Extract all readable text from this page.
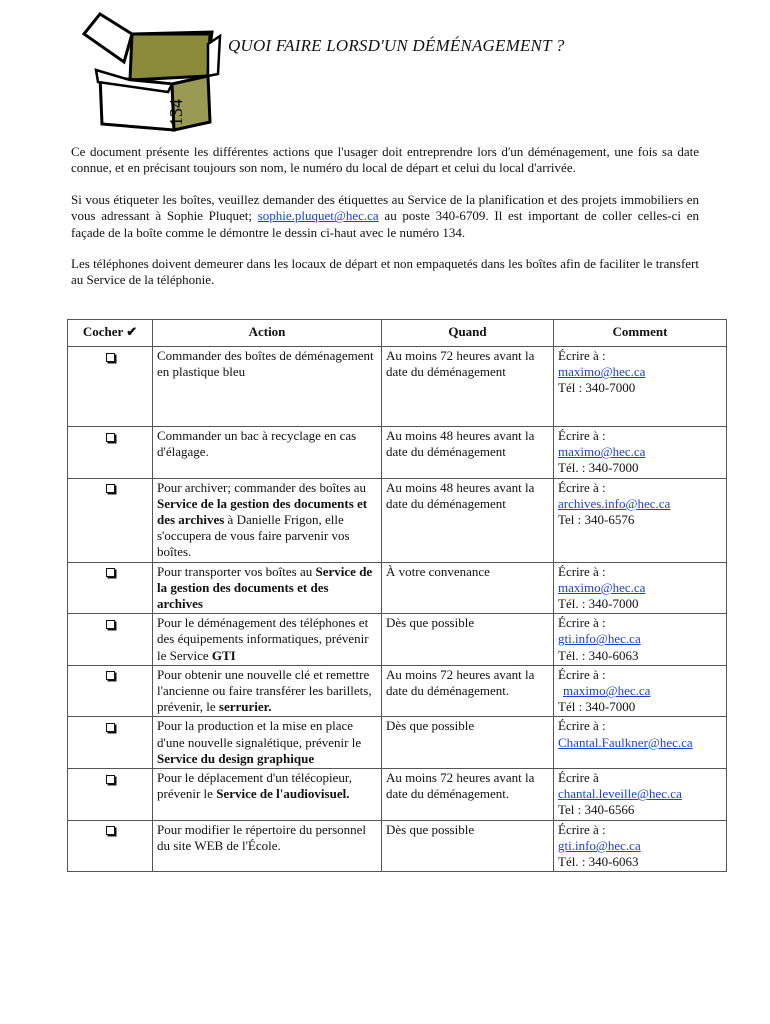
134
QUOI FAIRE LORSD'UN DÉMÉNAGEMENT ?

Ce document présente les différentes actions que l'usager doit entreprendre lors d'un déménagement, une fois sa date connue, et en précisant toujours son nom, le numéro du local de départ et celui du local d'arrivée.

Si vous étiqueter les boîtes, veuillez demander des étiquettes au Service de la planification et des projets immobiliers en vous adressant à Sophie Pluquet; sophie.pluquet@hec.ca au poste 340-6709. Il est important de coller celles-ci en façade de la boîte comme le démontre le dessin ci-haut avec le numéro 134.

Les téléphones doivent demeurer dans les locaux de départ et non empaquetés dans les boîtes afin de faciliter le transfert au Service de la téléphonie.

Cocher ✔	Action	Quand	Comment
	Commander des boîtes de déménagement en plastique bleu	Au moins 72 heures avant la date du déménagement	Écrire à :
maximo@hec.ca
Tél : 340-7000

	Commander un bac à recyclage en cas d'élagage.	Au moins 48 heures avant la date du déménagement	Écrire à :
maximo@hec.ca
Tél. : 340-7000

	Pour archiver; commander des boîtes au Service de la gestion des documents et des archives à Danielle Frigon, elle s'occupera de vous faire parvenir vos boîtes.	Au moins 48 heures avant la date du déménagement	Écrire à :
archives.info@hec.ca
Tel : 340-6576

	Pour transporter vos boîtes au Service de la gestion des documents et des archives	À votre convenance	Écrire à :
maximo@hec.ca
Tél. : 340-7000

	Pour le déménagement des téléphones et des équipements informatiques, prévenir le Service GTI	Dès que possible	Écrire à :
gti.info@hec.ca
Tél. : 340-6063

	Pour obtenir une nouvelle clé et remettre l'ancienne ou faire transférer les barillets, prévenir, le serrurier.	Au moins 72 heures avant la date du déménagement.	Écrire à :
maximo@hec.ca
Tél : 340-7000

	Pour la production et la mise en place d'une nouvelle signalétique, prévenir le Service du design graphique	Dès que possible	Écrire à :
Chantal.Faulkner@hec.ca

	Pour le déplacement d'un télécopieur, prévenir le Service de l'audiovisuel.	Au moins 72 heures avant la date du déménagement.	Écrire à
chantal.leveille@hec.ca
Tel : 340-6566

	Pour modifier le répertoire du personnel du site WEB de l'École.	Dès que possible	Écrire à :
gti.info@hec.ca
Tél. : 340-6063
